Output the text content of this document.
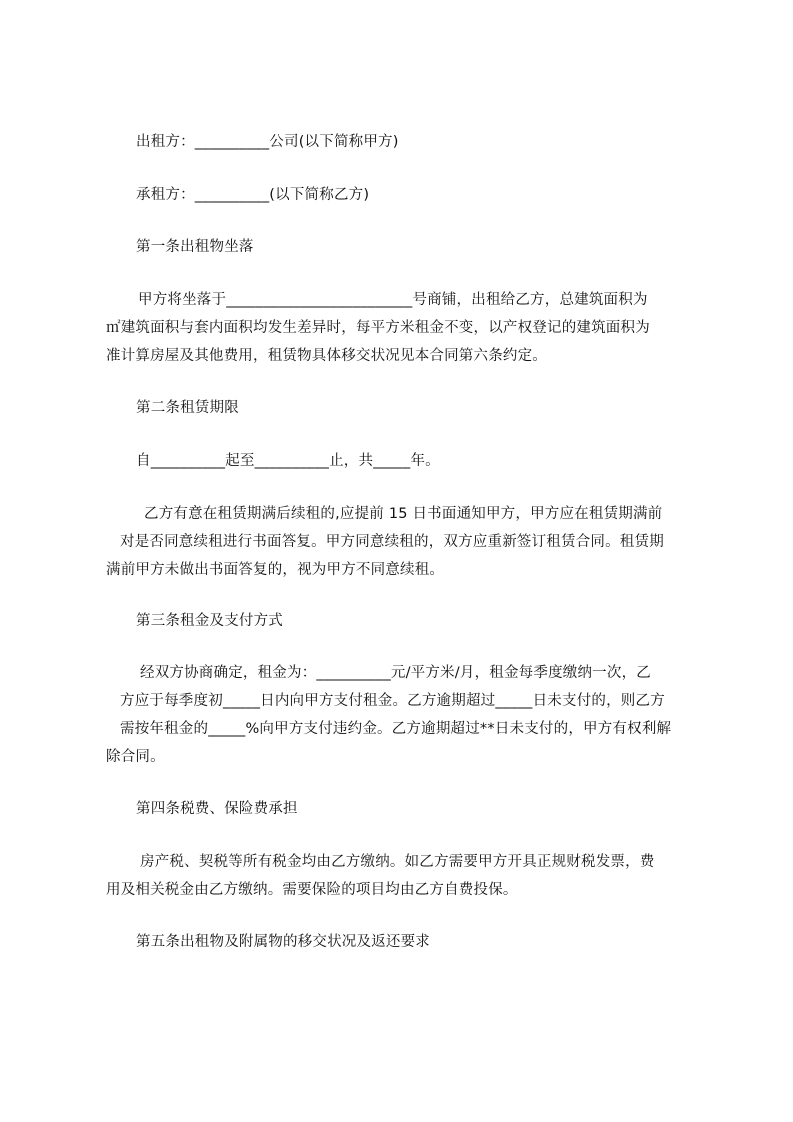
出租方：__________公司(以下简称甲方)
承租方：__________(以下简称乙方)
第一条出租物坐落
甲方将坐落于_________________________号商铺，出租给乙方，总建筑面积为
㎡建筑面积与套内面积均发生差异时，每平方米租金不变，以产权登记的建筑面积为
准计算房屋及其他费用，租赁物具体移交状况见本合同第六条约定。
第二条租赁期限
自__________起至__________止，共_____年。
乙方有意在租赁期满后续租的,应提前 15 日书面通知甲方，甲方应在租赁期满前
对是否同意续租进行书面答复。甲方同意续租的，双方应重新签订租赁合同。租赁期
满前甲方未做出书面答复的，视为甲方不同意续租。
第三条租金及支付方式
经双方协商确定，租金为：__________元/平方米/月，租金每季度缴纳一次，乙
方应于每季度初_____日内向甲方支付租金。乙方逾期超过_____日未支付的，则乙方
需按年租金的_____%向甲方支付违约金。乙方逾期超过**日未支付的，甲方有权利解
除合同。
第四条税费、保险费承担
房产税、契税等所有税金均由乙方缴纳。如乙方需要甲方开具正规财税发票，费
用及相关税金由乙方缴纳。需要保险的项目均由乙方自费投保。
第五条出租物及附属物的移交状况及返还要求
